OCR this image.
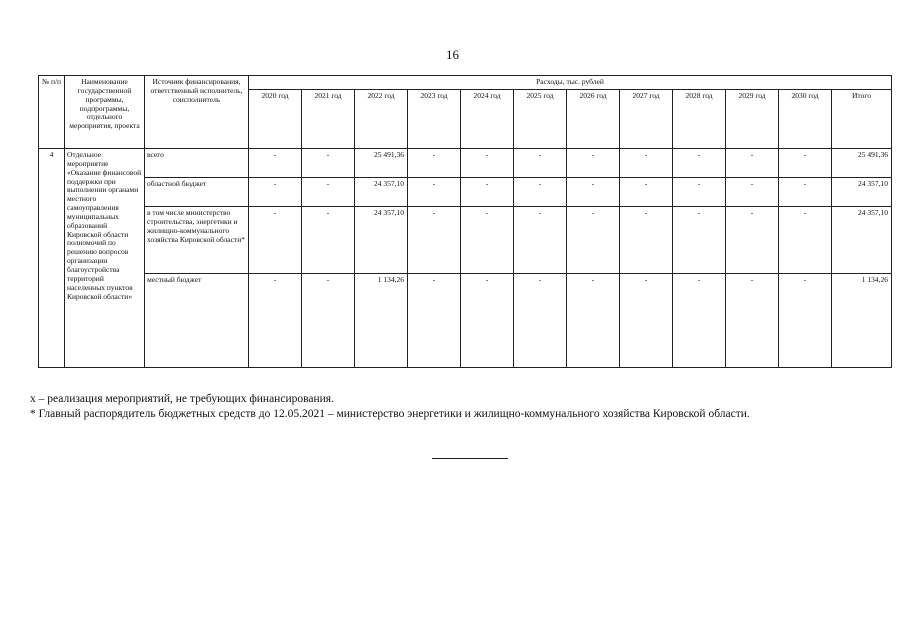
16
№ п/п	Наименование государственной программы, подпрограммы, отдельного мероприятия, проекта	Источник финансирования, ответственный исполнитель, соисполнитель	Расходы, тыс. рублей											
			2020 год	2021 год	2022 год	2023 год	2024 год	2025 год	2026 год	2027 год	2028 год	2029 год	2030 год	Итого
4	Отдельное мероприятие «Оказание финансовой поддержки при выполнении органами местного самоуправления муниципальных образований Кировской области полномочий по решению вопросов организации благоустройства территорий населенных пунктов Кировской области»	всего	-	-	25 491,36	-	-	-	-	-	-	-	-	25 491,36
		областной бюджет	-	-	24 357,10	-	-	-	-	-	-	-	-	24 357,10
		в том числе министерство строительства, энергетики и жилищно-коммунального хозяйства Кировской области*	-	-	24 357,10	-	-	-	-	-	-	-	-	24 357,10
		местный бюджет	-	-	1 134,26	-	-	-	-	-	-	-	-	1 134,26
х – реализация мероприятий, не требующих финансирования.
* Главный распорядитель бюджетных средств до 12.05.2021 – министерство энергетики и жилищно-коммунального хозяйства Кировской области.
